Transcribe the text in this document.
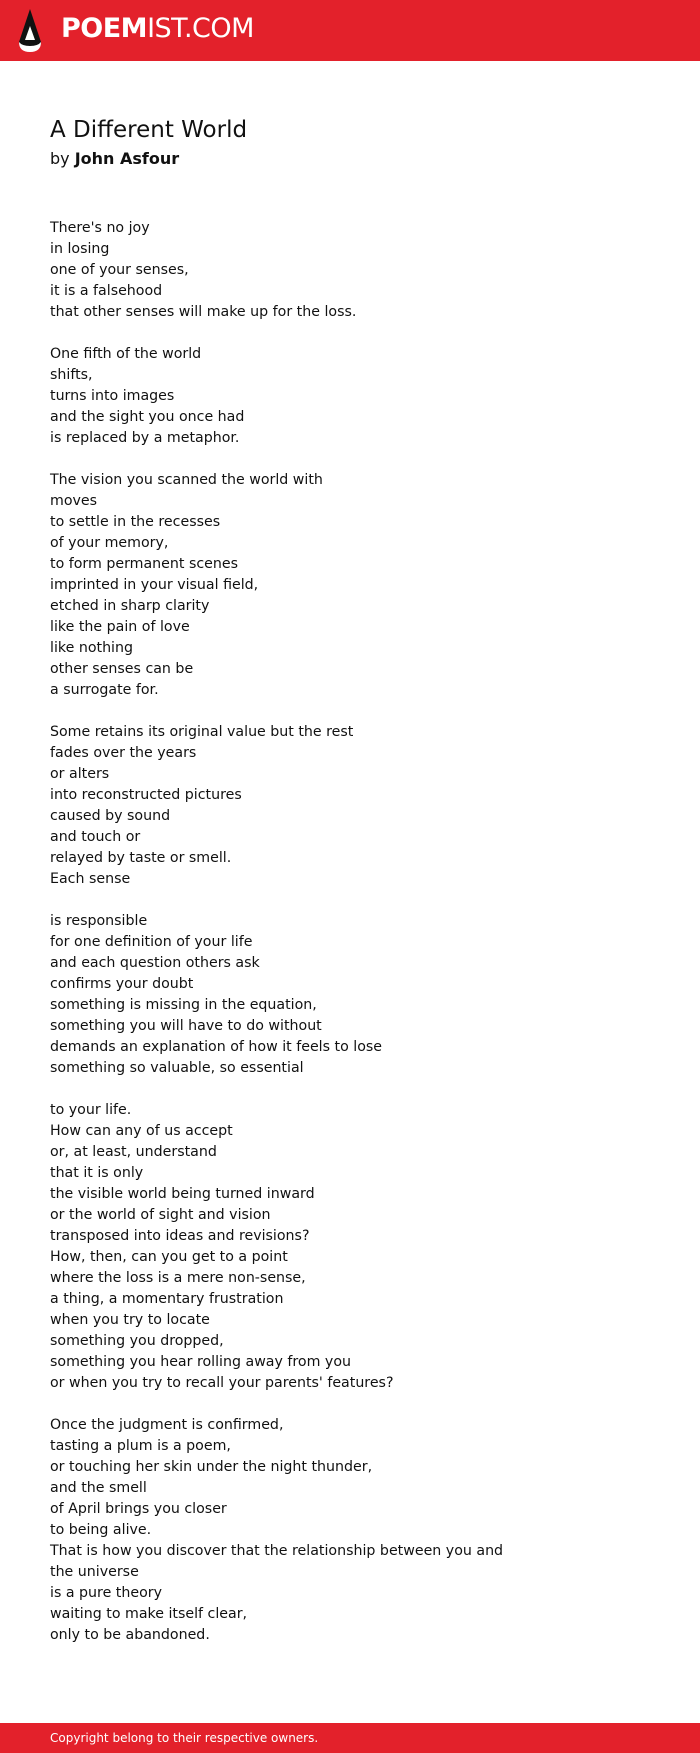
POEMIST.COM
A Different World
by John Asfour
There's no joy
in losing
one of your senses,
it is a falsehood
that other senses will make up for the loss.
One fifth of the world
shifts,
turns into images
and the sight you once had
is replaced by a metaphor.
The vision you scanned the world with
moves
to settle in the recesses
of your memory,
to form permanent scenes
imprinted in your visual field,
etched in sharp clarity
like the pain of love
like nothing
other senses can be
a surrogate for.
Some retains its original value but the rest
fades over the years
or alters
into reconstructed pictures
caused by sound
and touch or
relayed by taste or smell.
Each sense
is responsible
for one definition of your life
and each question others ask
confirms your doubt
something is missing in the equation,
something you will have to do without
demands an explanation of how it feels to lose
something so valuable, so essential
to your life.
How can any of us accept
or, at least, understand
that it is only
the visible world being turned inward
or the world of sight and vision
transposed into ideas and revisions?
How, then, can you get to a point
where the loss is a mere non-sense,
a thing, a momentary frustration
when you try to locate
something you dropped,
something you hear rolling away from you
or when you try to recall your parents' features?
Once the judgment is confirmed,
tasting a plum is a poem,
or touching her skin under the night thunder,
and the smell
of April brings you closer
to being alive.
That is how you discover that the relationship between you and
the universe
is a pure theory
waiting to make itself clear,
only to be abandoned.
Copyright belong to their respective owners.
